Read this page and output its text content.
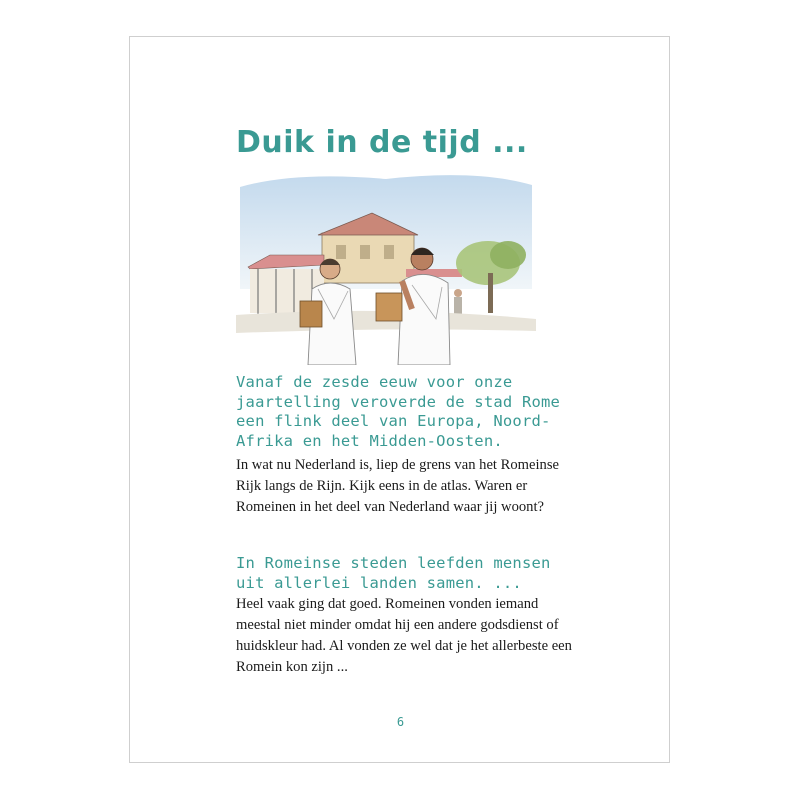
Duik in de tijd ...

Vanaf de zesde eeuw voor onze jaartelling veroverde de stad Rome een flink deel van Europa, Noord-Afrika en het Midden-Oosten.

In wat nu Nederland is, liep de grens van het Romeinse Rijk langs de Rijn. Kijk eens in de atlas. Waren er Romeinen in het deel van Nederland waar jij woont?

In Romeinse steden leefden mensen uit allerlei landen samen. ...

Heel vaak ging dat goed. Romeinen vonden iemand meestal niet minder omdat hij een andere godsdienst of huidskleur had. Al vonden ze wel dat je het allerbeste een Romein kon zijn ...

6
